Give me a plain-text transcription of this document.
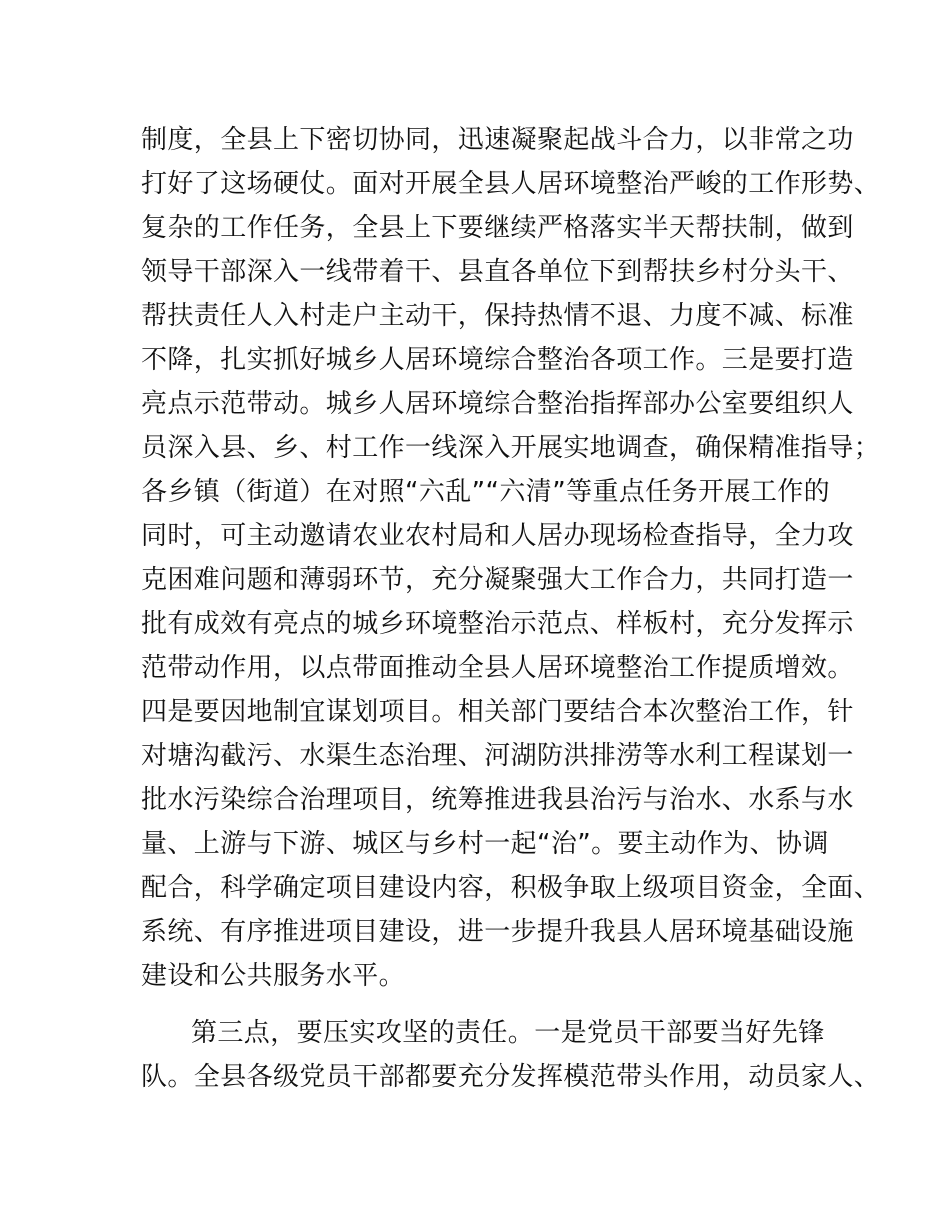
制度，全县上下密切协同，迅速凝聚起战斗合力，以非常之功
打好了这场硬仗。面对开展全县人居环境整治严峻的工作形势、
复杂的工作任务，全县上下要继续严格落实半天帮扶制，做到
领导干部深入一线带着干、县直各单位下到帮扶乡村分头干、
帮扶责任人入村走户主动干，保持热情不退、力度不减、标准
不降，扎实抓好城乡人居环境综合整治各项工作。三是要打造
亮点示范带动。城乡人居环境综合整治指挥部办公室要组织人
员深入县、乡、村工作一线深入开展实地调查，确保精准指导；
各乡镇（街道）在对照“六乱”“六清”等重点任务开展工作的
同时，可主动邀请农业农村局和人居办现场检查指导，全力攻
克困难问题和薄弱环节，充分凝聚强大工作合力，共同打造一
批有成效有亮点的城乡环境整治示范点、样板村，充分发挥示
范带动作用，以点带面推动全县人居环境整治工作提质增效。
四是要因地制宜谋划项目。相关部门要结合本次整治工作，针
对塘沟截污、水渠生态治理、河湖防洪排涝等水利工程谋划一
批水污染综合治理项目，统筹推进我县治污与治水、水系与水
量、上游与下游、城区与乡村一起“治”。要主动作为、协调
配合，科学确定项目建设内容，积极争取上级项目资金，全面、
系统、有序推进项目建设，进一步提升我县人居环境基础设施
建设和公共服务水平。
第三点，要压实攻坚的责任。一是党员干部要当好先锋
队。全县各级党员干部都要充分发挥模范带头作用，动员家人、
